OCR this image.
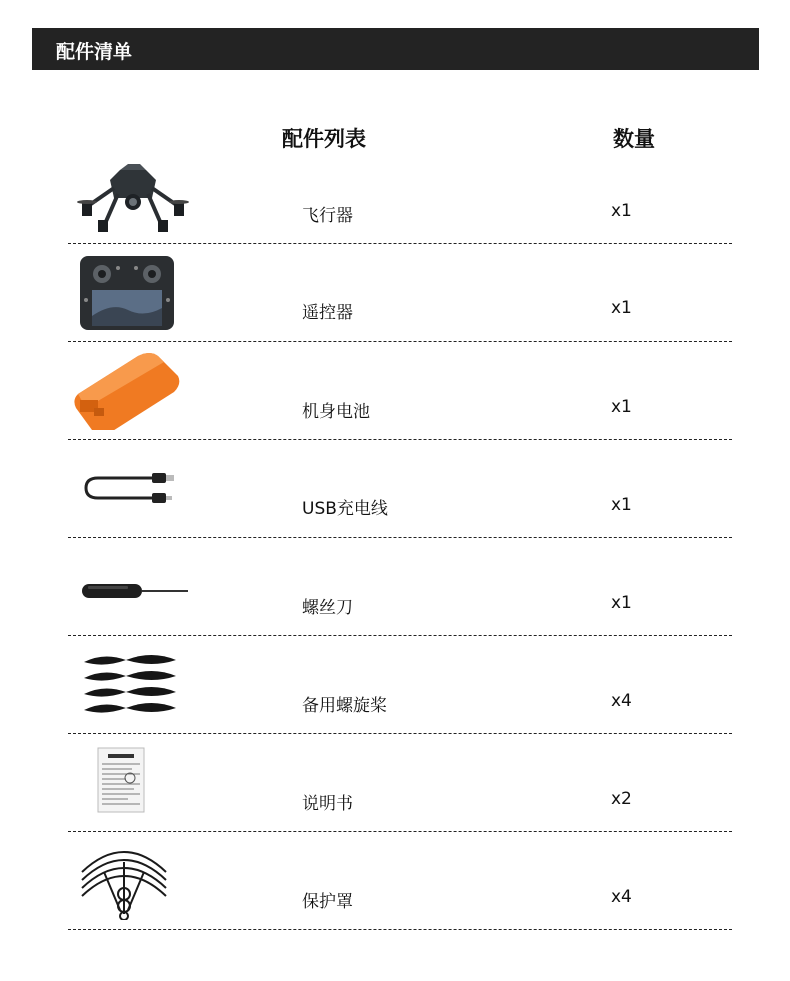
配件清单
配件列表	数量
飞行器	x1
遥控器	x1
机身电池	x1
USB充电线	x1
螺丝刀	x1
备用螺旋桨	x4
说明书	x2
保护罩	x4
